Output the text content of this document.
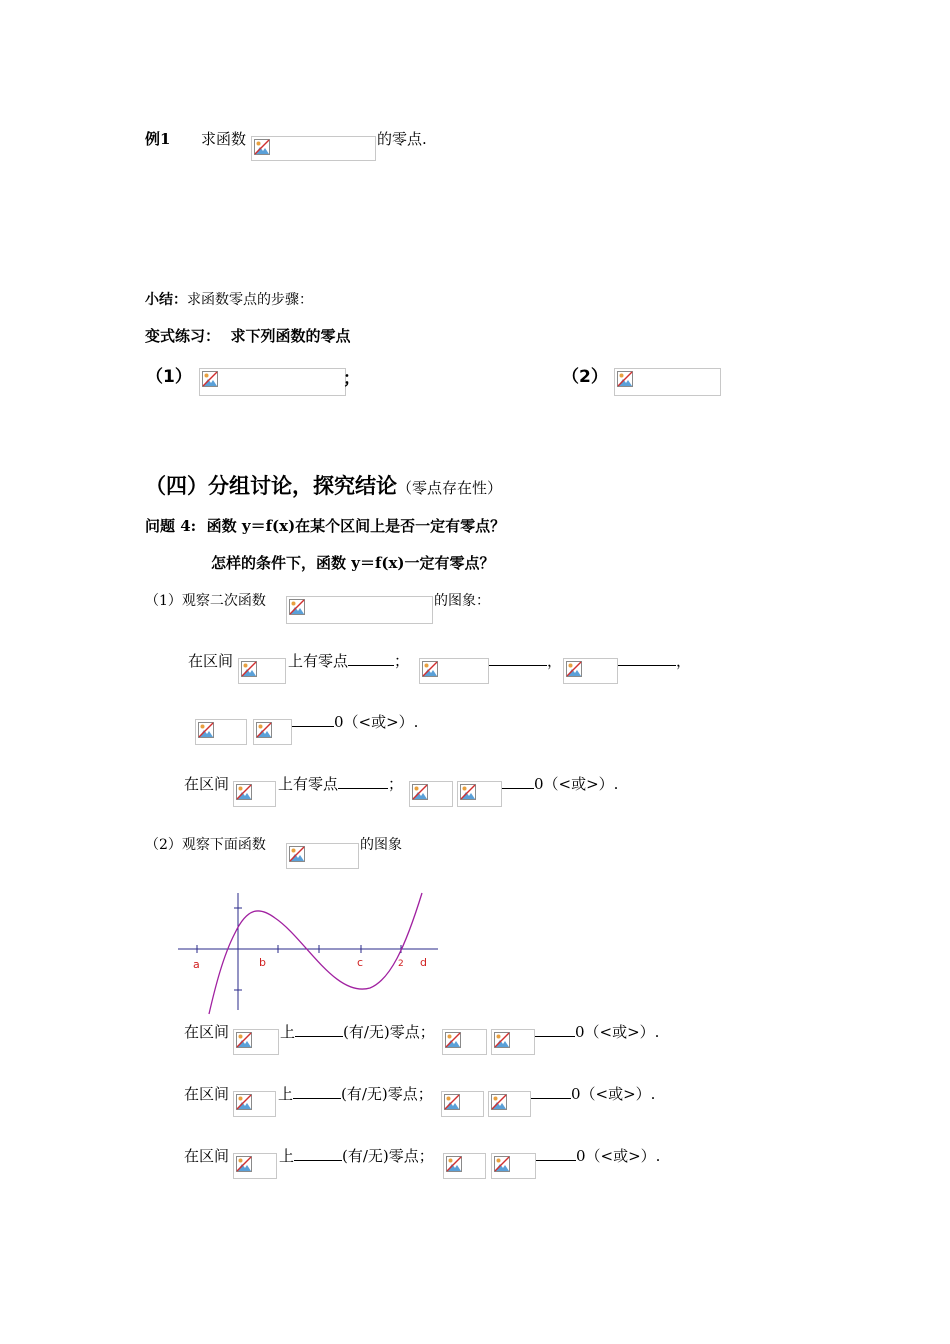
例1 求函数	的零点.
小结：求函数零点的步骤：
变式练习： 求下列函数的零点
（1）	；	（2）
（四）分组讨论，探究结论（零点存在性）
问题 4: 函数 y＝f(x)在某个区间上是否一定有零点？
怎样的条件下，函数 y＝f(x)一定有零点？
（1）观察二次函数	的图象：
在区间	上有零点	；	，	，
0（<或>）.
在区间	上有零点	；	0（<或>）.
（2）观察下面函数	的图象
a	b	c	2 d
在区间	上	(有/无)零点；	0（<或>）.
在区间	上	(有/无)零点；	0（<或>）.
在区间	上	(有/无)零点；	0（<或>）.
